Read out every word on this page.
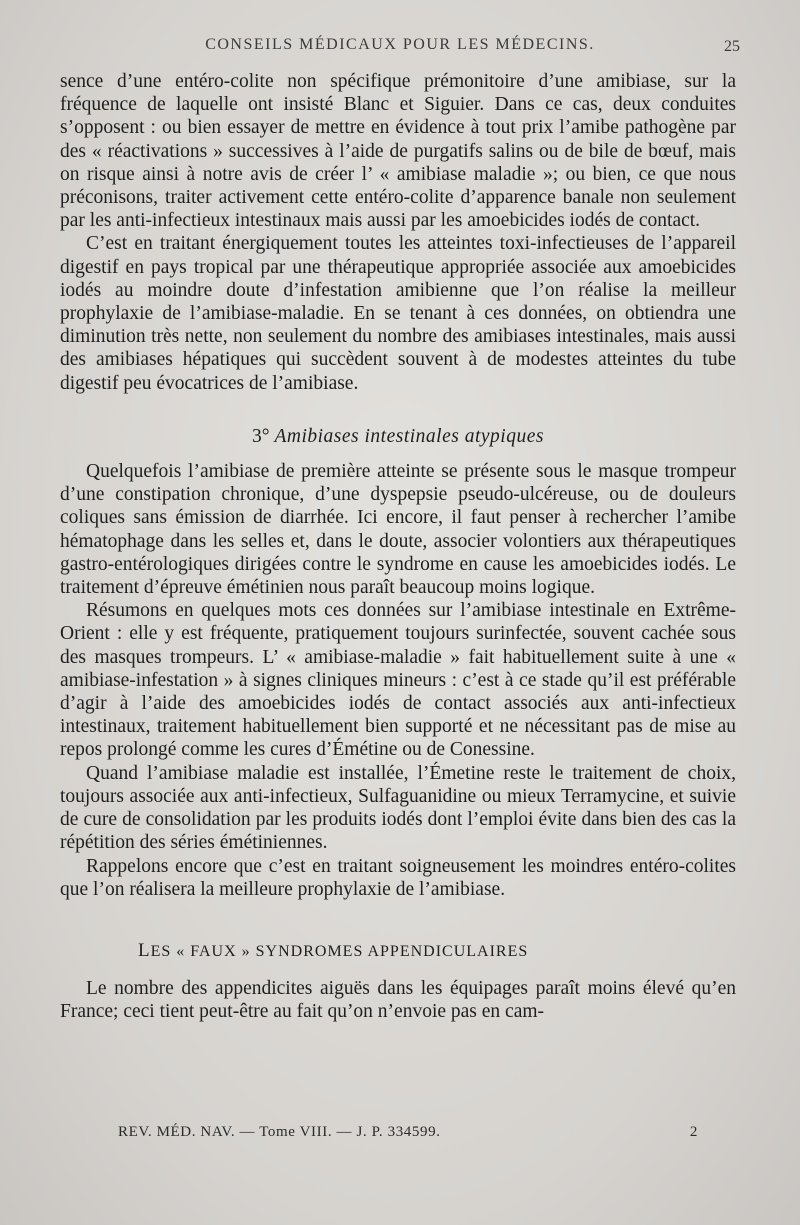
CONSEILS MÉDICAUX POUR LES MÉDECINS.	25

sence d’une entéro-colite non spécifique prémonitoire d’une amibiase, sur la fréquence de laquelle ont insisté Blanc et Siguier. Dans ce cas, deux conduites s’opposent : ou bien essayer de mettre en évidence à tout prix l’amibe pathogène par des « réactivations » successives à l’aide de purgatifs salins ou de bile de bœuf, mais on risque ainsi à notre avis de créer l’ « amibiase maladie »; ou bien, ce que nous préconisons, traiter activement cette entéro-colite d’apparence banale non seulement par les anti-infectieux intestinaux mais aussi par les amoebicides iodés de contact.

C’est en traitant énergiquement toutes les atteintes toxi-infectieuses de l’appareil digestif en pays tropical par une thérapeutique appropriée associée aux amoebicides iodés au moindre doute d’infestation amibienne que l’on réalise la meilleur prophylaxie de l’amibiase-maladie. En se tenant à ces données, on obtiendra une diminution très nette, non seulement du nombre des amibiases intestinales, mais aussi des amibiases hépatiques qui succèdent souvent à de modestes atteintes du tube digestif peu évocatrices de l’amibiase.

3° Amibiases intestinales atypiques

Quelquefois l’amibiase de première atteinte se présente sous le masque trompeur d’une constipation chronique, d’une dyspepsie pseudo-ulcéreuse, ou de douleurs coliques sans émission de diarrhée. Ici encore, il faut penser à rechercher l’amibe hématophage dans les selles et, dans le doute, associer volontiers aux thérapeutiques gastro-entérologiques dirigées contre le syndrome en cause les amoebicides iodés. Le traitement d’épreuve émétinien nous paraît beaucoup moins logique.

Résumons en quelques mots ces données sur l’amibiase intestinale en Extrême-Orient : elle y est fréquente, pratiquement toujours surinfectée, souvent cachée sous des masques trompeurs. L’ « amibiase-maladie » fait habituellement suite à une « amibiase-infestation » à signes cliniques mineurs : c’est à ce stade qu’il est préférable d’agir à l’aide des amoebicides iodés de contact associés aux anti-infectieux intestinaux, traitement habituellement bien supporté et ne nécessitant pas de mise au repos prolongé comme les cures d’Émétine ou de Conessine.

Quand l’amibiase maladie est installée, l’Émetine reste le traitement de choix, toujours associée aux anti-infectieux, Sulfaguanidine ou mieux Terramycine, et suivie de cure de consolidation par les produits iodés dont l’emploi évite dans bien des cas la répétition des séries émétiniennes.

Rappelons encore que c’est en traitant soigneusement les moindres entéro-colites que l’on réalisera la meilleure prophylaxie de l’amibiase.

LES « FAUX » SYNDROMES APPENDICULAIRES

Le nombre des appendicites aiguës dans les équipages paraît moins élevé qu’en France; ceci tient peut-être au fait qu’on n’envoie pas en cam-

REV. MÉD. NAV. — Tome VIII. — J. P. 334599.	2
